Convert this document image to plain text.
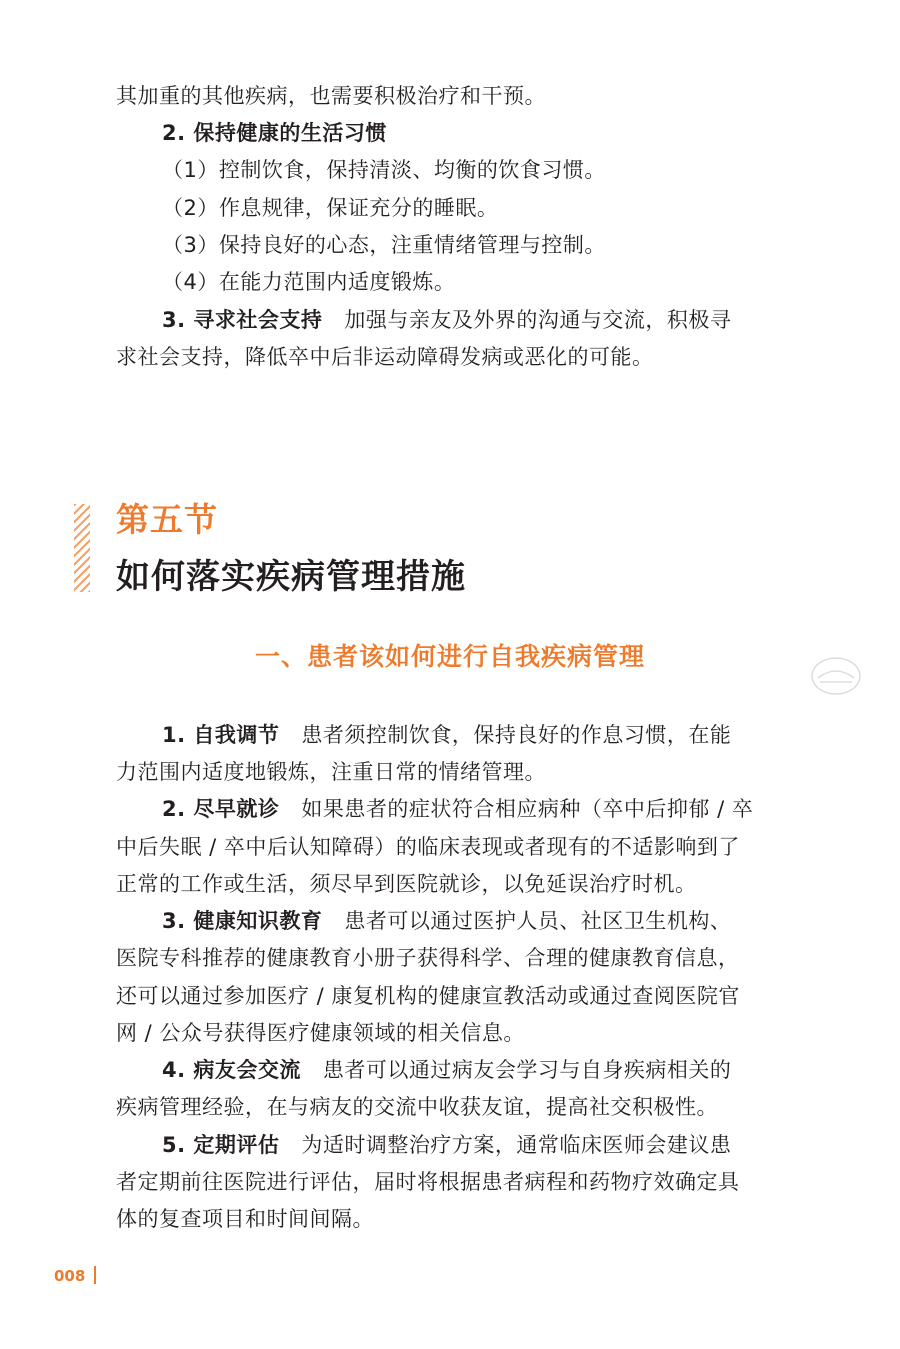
其加重的其他疾病，也需要积极治疗和干预。
2. 保持健康的生活习惯
（1）控制饮食，保持清淡、均衡的饮食习惯。
（2）作息规律，保证充分的睡眠。
（3）保持良好的心态，注重情绪管理与控制。
（4）在能力范围内适度锻炼。
3. 寻求社会支持 加强与亲友及外界的沟通与交流，积极寻
求社会支持，降低卒中后非运动障碍发病或恶化的可能。
第五节
如何落实疾病管理措施
一、患者该如何进行自我疾病管理
1. 自我调节 患者须控制饮食，保持良好的作息习惯，在能
力范围内适度地锻炼，注重日常的情绪管理。
2. 尽早就诊 如果患者的症状符合相应病种（卒中后抑郁 / 卒
中后失眠 / 卒中后认知障碍）的临床表现或者现有的不适影响到了
正常的工作或生活，须尽早到医院就诊，以免延误治疗时机。
3. 健康知识教育 患者可以通过医护人员、社区卫生机构、
医院专科推荐的健康教育小册子获得科学、合理的健康教育信息，
还可以通过参加医疗 / 康复机构的健康宣教活动或通过查阅医院官
网 / 公众号获得医疗健康领域的相关信息。
4. 病友会交流 患者可以通过病友会学习与自身疾病相关的
疾病管理经验，在与病友的交流中收获友谊，提高社交积极性。
5. 定期评估 为适时调整治疗方案，通常临床医师会建议患
者定期前往医院进行评估，届时将根据患者病程和药物疗效确定具
体的复查项目和时间间隔。
008
